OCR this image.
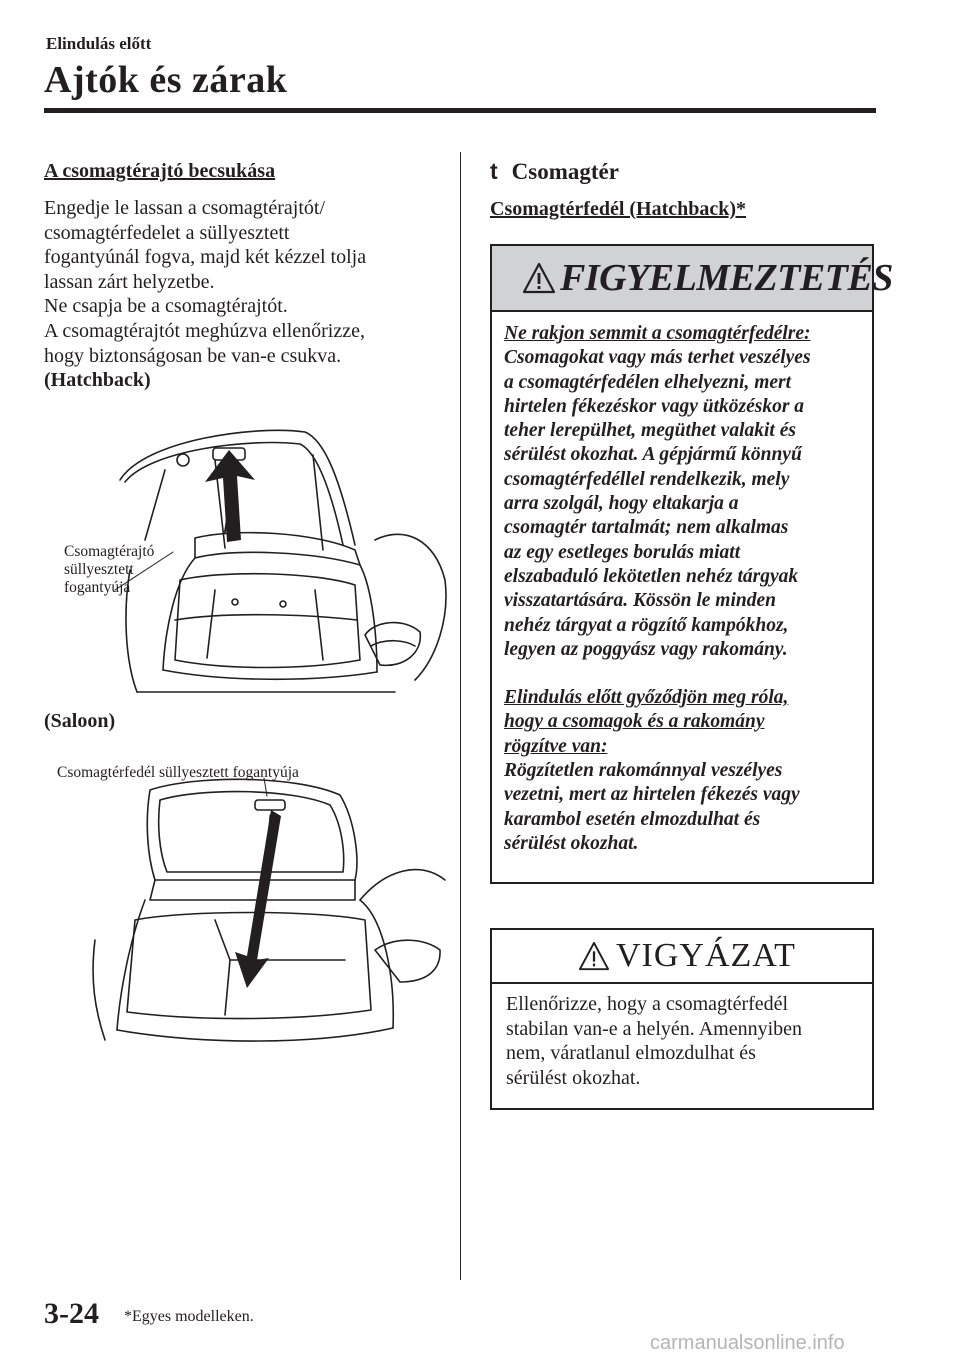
Elindulás előtt
Ajtók és zárak
A csomagtérajtó becsukása
Engedje le lassan a csomagtérajtót/
csomagtérfedelet a süllyesztett
fogantyúnál fogva, majd két kézzel tolja
lassan zárt helyzetbe.
Ne csapja be a csomagtérajtót.
A csomagtérajtót meghúzva ellenőrizze,
hogy biztonságosan be van-e csukva.
(Hatchback)
Csomagtérajtó
süllyesztett
fogantyúja
(Saloon)
Csomagtérfedél süllyesztett fogantyúja
t Csomagtér
Csomagtérfedél (Hatchback)*
FIGYELMEZTETÉS
Ne rakjon semmit a csomagtérfedélre:
Csomagokat vagy más terhet veszélyes
a csomagtérfedélen elhelyezni, mert
hirtelen fékezéskor vagy ütközéskor a
teher lerepülhet, megüthet valakit és
sérülést okozhat. A gépjármű könnyű
csomagtérfedéllel rendelkezik, mely
arra szolgál, hogy eltakarja a
csomagtér tartalmát; nem alkalmas
az egy esetleges borulás miatt
elszabaduló lekötetlen nehéz tárgyak
visszatartására. Kössön le minden
nehéz tárgyat a rögzítő kampókhoz,
legyen az poggyász vagy rakomány.
Elindulás előtt győződjön meg róla,
hogy a csomagok és a rakomány
rögzítve van:
Rögzítetlen rakománnyal veszélyes
vezetni, mert az hirtelen fékezés vagy
karambol esetén elmozdulhat és
sérülést okozhat.
VIGYÁZAT
Ellenőrizze, hogy a csomagtérfedél
stabilan van-e a helyén. Amennyiben
nem, váratlanul elmozdulhat és
sérülést okozhat.
3-24 *Egyes modelleken.
carmanualsonline.info
